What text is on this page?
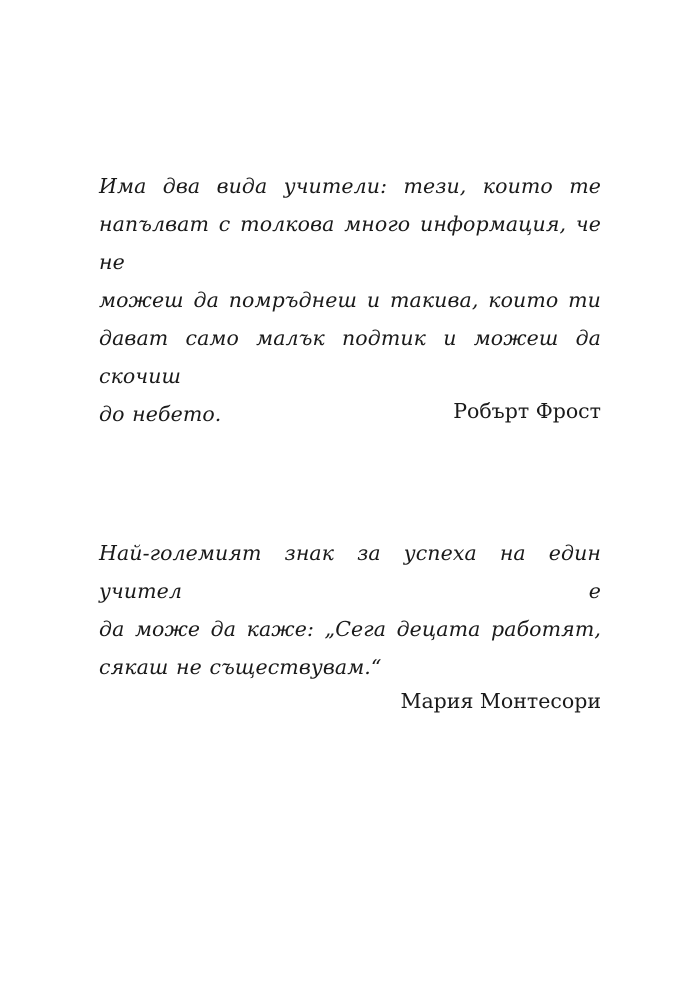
Има два вида учители: тези, които те
напълват с толкова много информация, че не
можеш да помръднеш и такива, които ти
дават само малък подтик и можеш да скочиш
до небето.	Робърт Фрост
Най-големият знак за успеха на един учител е
да може да каже: „Сега децата работят,
сякаш не съществувам.“
Мария Монтесори
